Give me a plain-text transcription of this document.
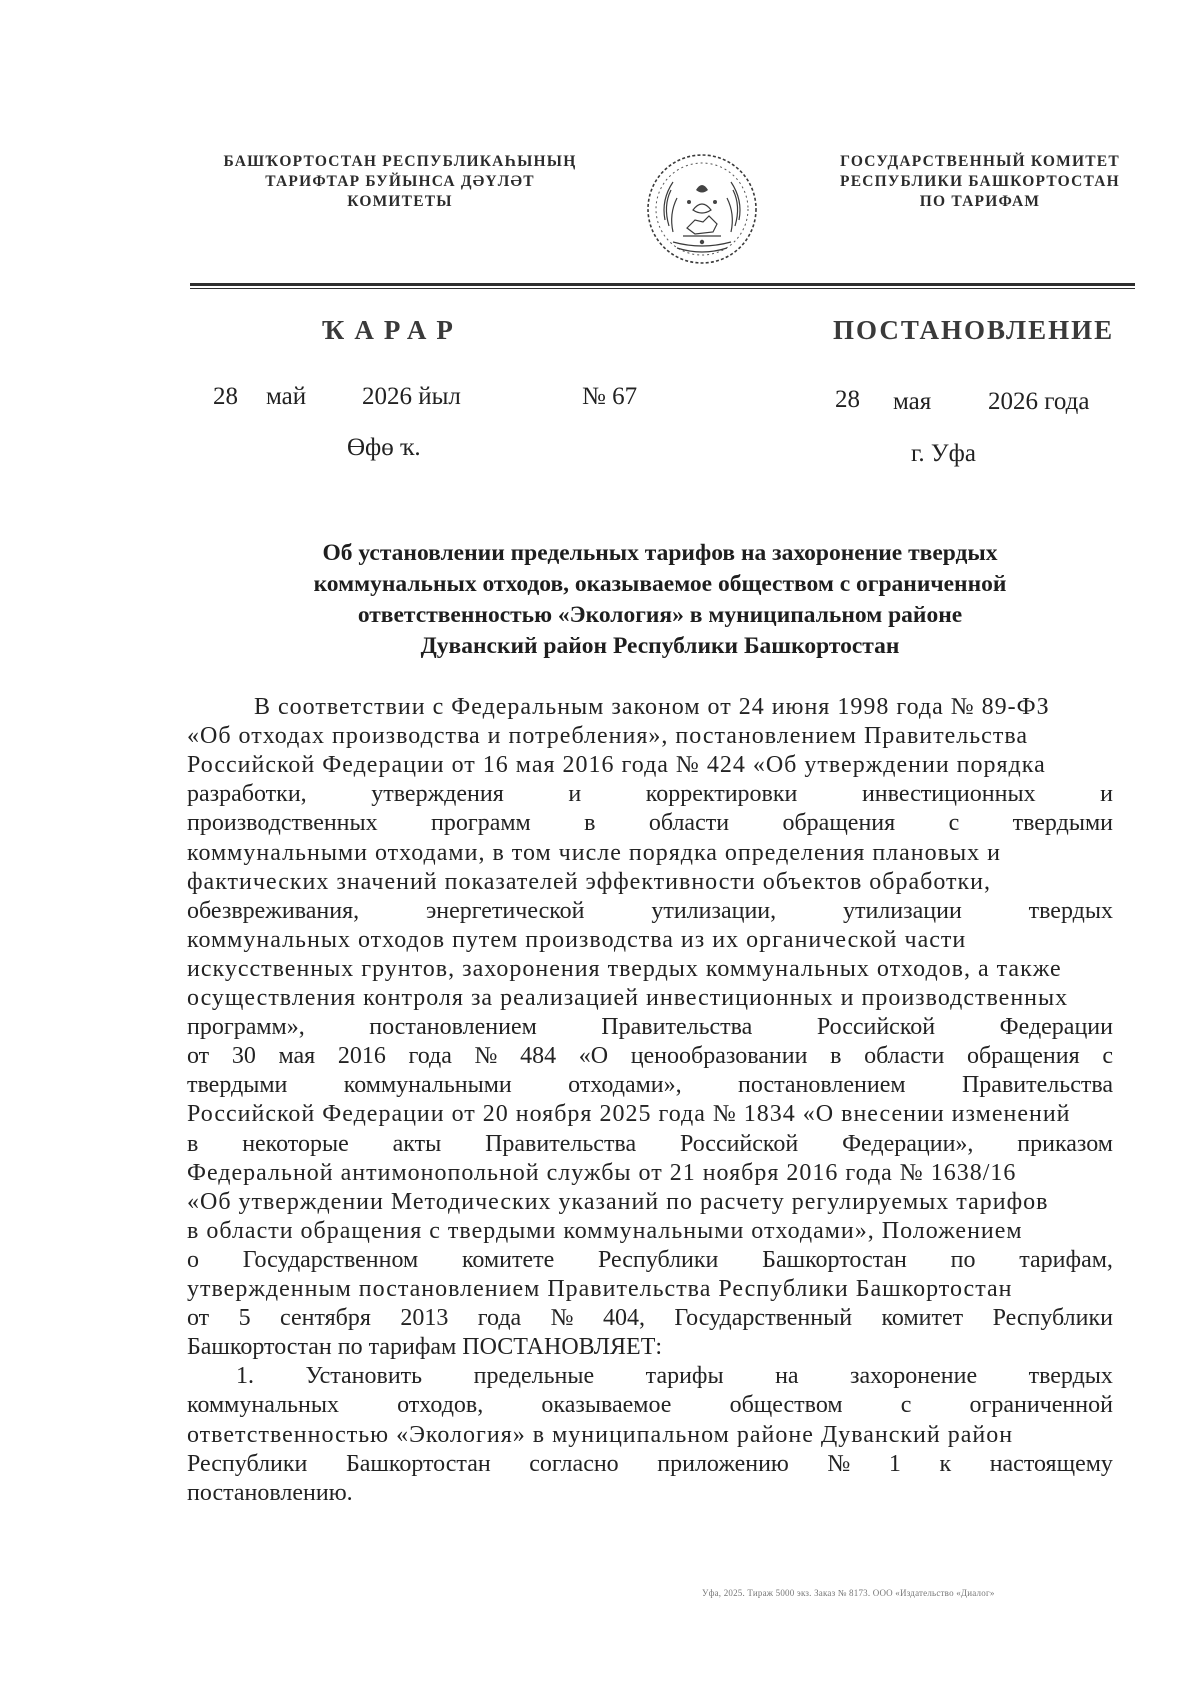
БАШҠОРТОСТАН РЕСПУБЛИКАҺЫНЫҢ
ТАРИФТАР БУЙЫНСА ДӘҮЛӘТ
КОМИТЕТЫ
ГОСУДАРСТВЕННЫЙ КОМИТЕТ
РЕСПУБЛИКИ БАШКОРТОСТАН
ПО ТАРИФАМ
ҠАРАР	ПОСТАНОВЛЕНИЕ
28 май 2026 йыл	№ 67	28 мая 2026 года
Өфө ҡ.	г. Уфа
Об установлении предельных тарифов на захоронение твердых
коммунальных отходов, оказываемое обществом с ограниченной
ответственностью «Экология» в муниципальном районе
Дуванский район Республики Башкортостан
В соответствии с Федеральным законом от 24 июня 1998 года № 89-ФЗ
«Об отходах производства и потребления», постановлением Правительства
Российской Федерации от 16 мая 2016 года № 424 «Об утверждении порядка
разработки,	утверждения	и	корректировки	инвестиционных	и
производственных программ в области обращения с твердыми
коммунальными отходами, в том числе порядка определения плановых и
фактических значений показателей эффективности объектов обработки,
обезвреживания,	энергетической	утилизации,	утилизации	твердых
коммунальных отходов путем производства из их органической части
искусственных грунтов, захоронения твердых коммунальных отходов, а также
осуществления контроля за реализацией инвестиционных и производственных
программ»,	постановлением	Правительства	Российской	Федерации
от 30 мая 2016 года № 484 «О ценообразовании в области обращения с
твердыми коммунальными отходами», постановлением Правительства
Российской Федерации от 20 ноября 2025 года № 1834 «О внесении изменений
в некоторые акты Правительства Российской Федерации», приказом
Федеральной антимонопольной службы от 21 ноября 2016 года № 1638/16
«Об утверждении Методических указаний по расчету регулируемых тарифов
в области обращения с твердыми коммунальными отходами», Положением
о Государственном комитете Республики Башкортостан по тарифам,
утвержденным постановлением Правительства Республики Башкортостан
от 5 сентября 2013 года № 404, Государственный комитет Республики
Башкортостан по тарифам ПОСТАНОВЛЯЕТ:
1. Установить предельные тарифы на захоронение твердых
коммунальных отходов, оказываемое обществом с ограниченной
ответственностью «Экология» в муниципальном районе Дуванский район
Республики Башкортостан согласно приложению № 1 к настоящему
постановлению.
Уфа, 2025. Тираж 5000 экз. Заказ № 8173. ООО «Издательство «Диалог»
